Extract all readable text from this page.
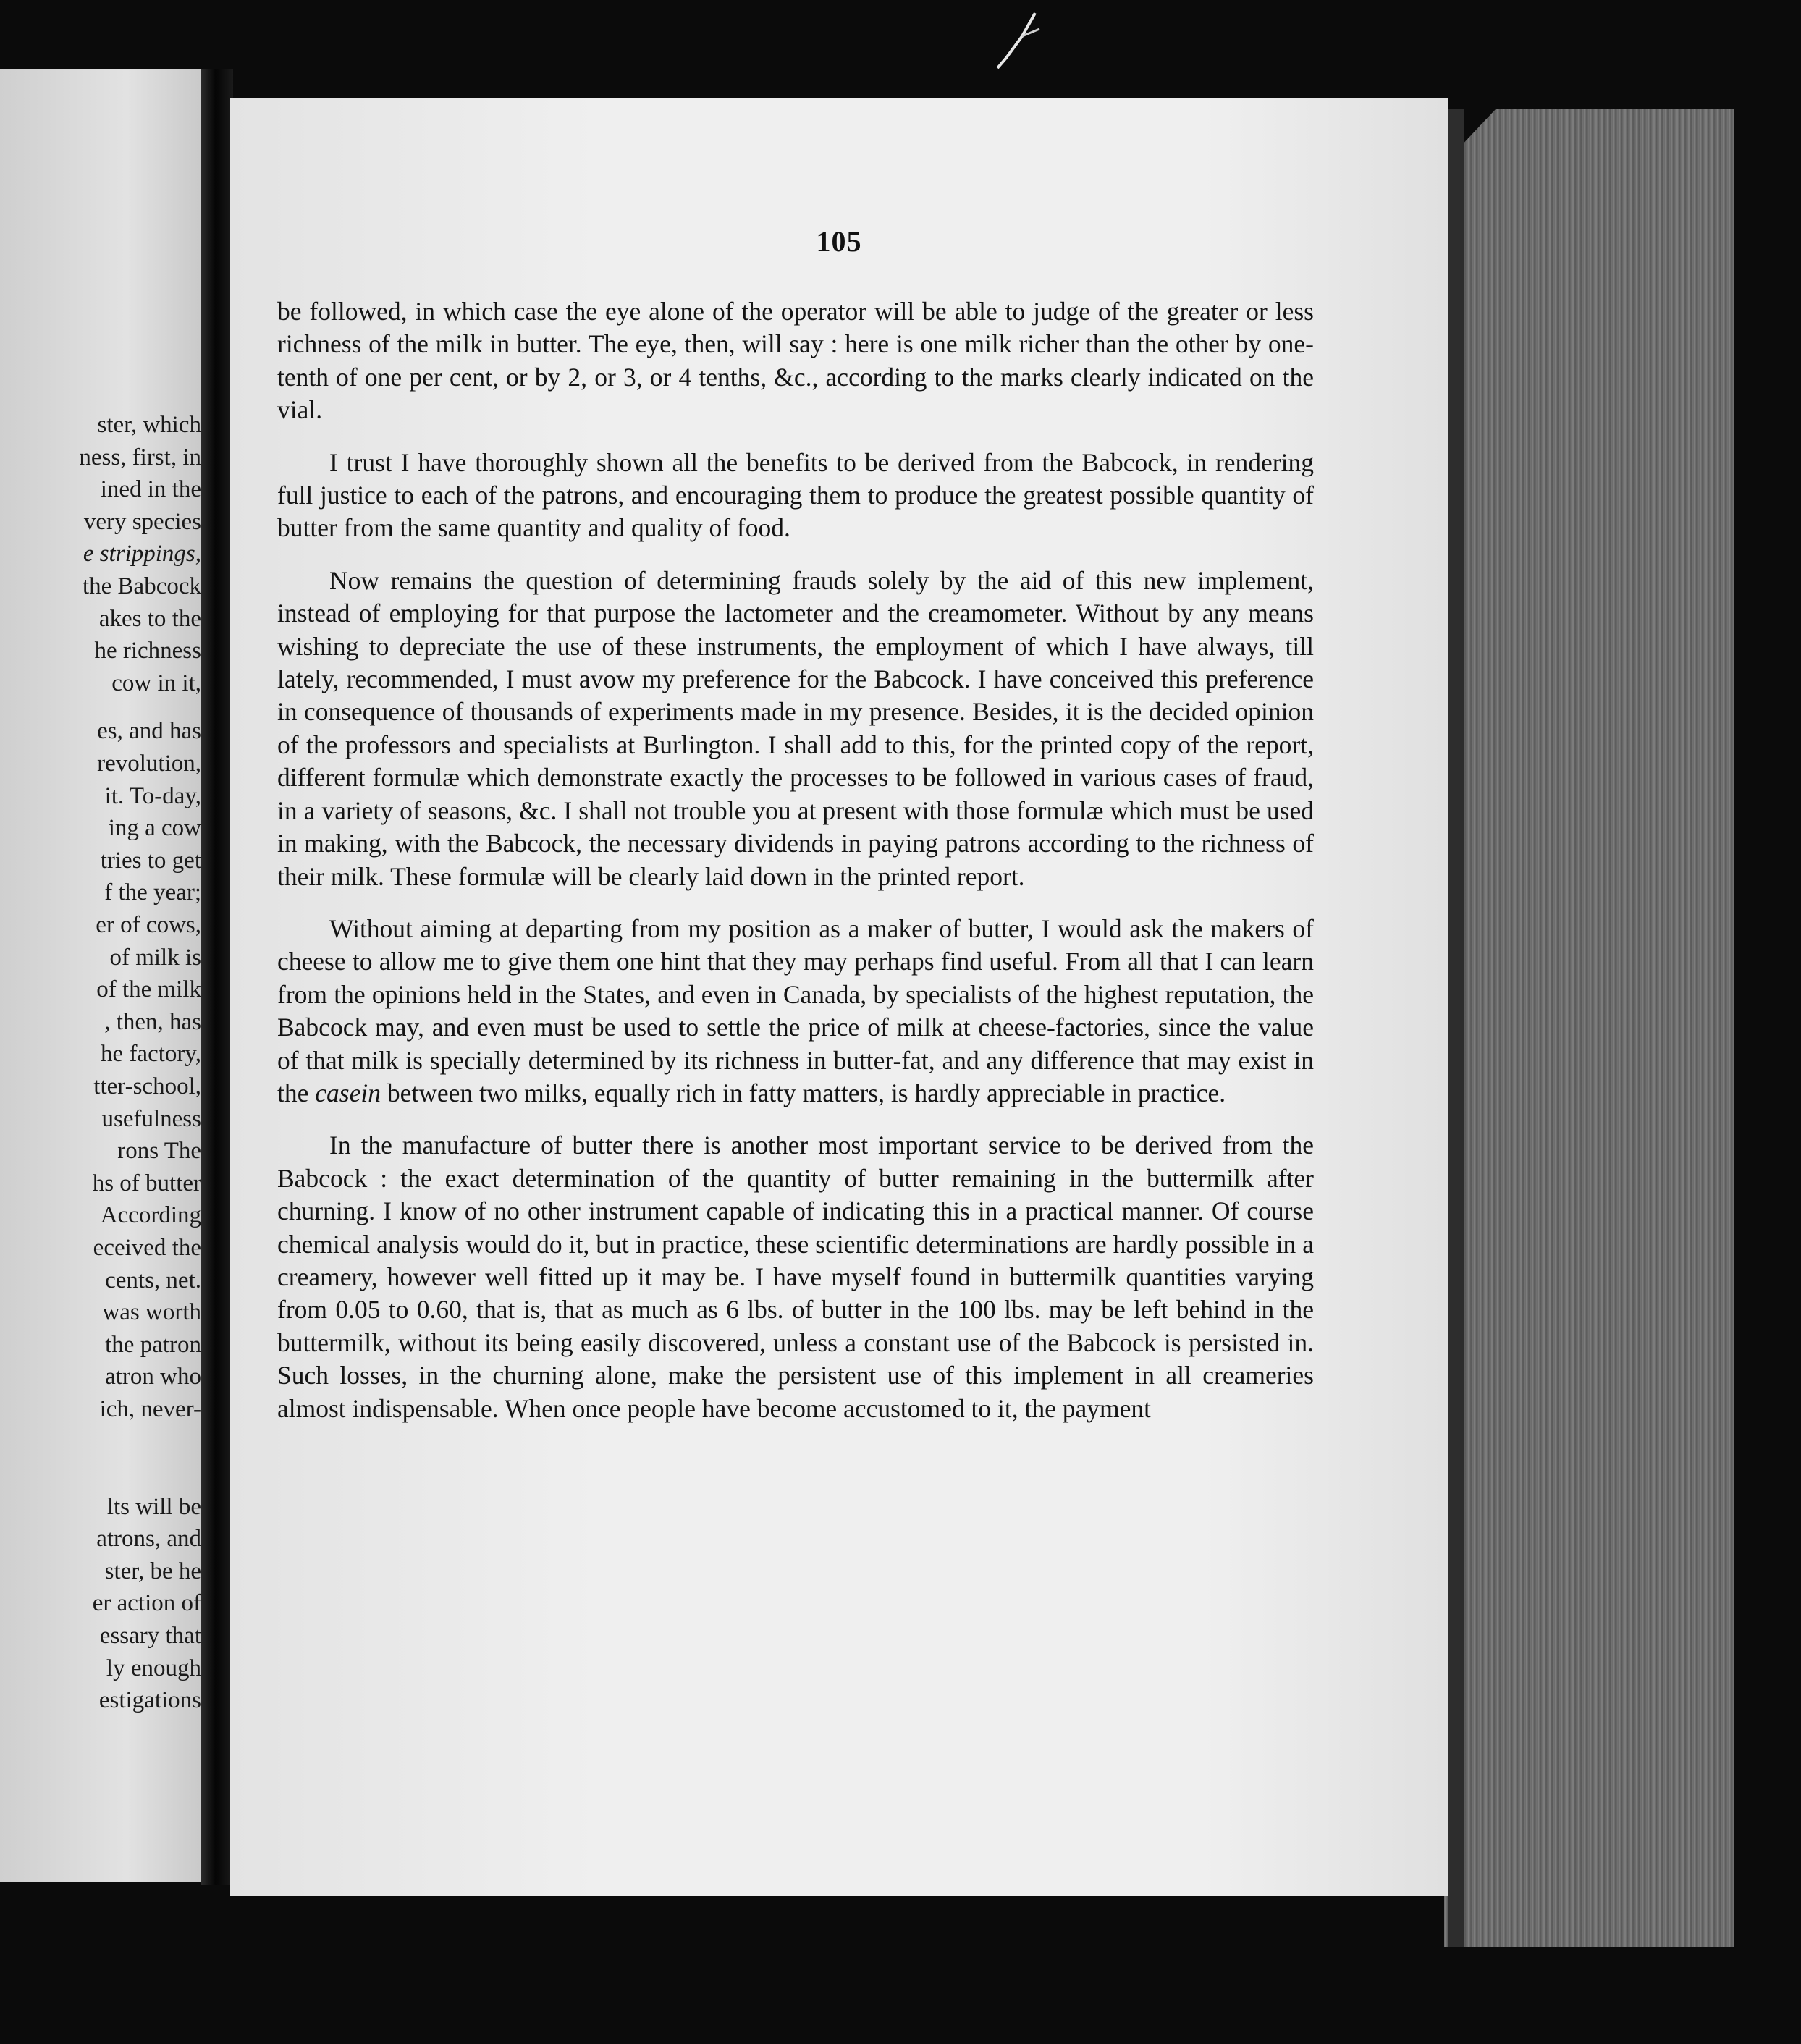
ster, which
ness, first, in
ined in the
very species
e strippings,
the Babcock
akes to the
he richness
cow in it,
es, and has
revolution,
it. To-day,
ing a cow
tries to get
f the year;
er of cows,
of milk is
of the milk
, then, has
he factory,
tter-school,
usefulness
rons The
hs of butter
According
eceived the
cents, net.
was worth
the patron
atron who
ich, never-
lts will be
atrons, and
ster, be he
er action of
essary that
ly enough
estigations
105

be followed, in which case the eye alone of the operator will be able to judge of the greater or less richness of the milk in butter. The eye, then, will say : here is one milk richer than the other by one-tenth of one per cent, or by 2, or 3, or 4 tenths, &c., according to the marks clearly indicated on the vial.

I trust I have thoroughly shown all the benefits to be derived from the Babcock, in rendering full justice to each of the patrons, and encouraging them to produce the greatest possible quantity of butter from the same quantity and quality of food.

Now remains the question of determining frauds solely by the aid of this new implement, instead of employing for that purpose the lactometer and the creamometer. Without by any means wishing to depreciate the use of these instruments, the employment of which I have always, till lately, recommended, I must avow my preference for the Babcock. I have conceived this preference in consequence of thousands of experiments made in my presence. Besides, it is the decided opinion of the professors and specialists at Burlington. I shall add to this, for the printed copy of the report, different formulæ which demonstrate exactly the processes to be followed in various cases of fraud, in a variety of seasons, &c. I shall not trouble you at present with those formulæ which must be used in making, with the Babcock, the necessary dividends in paying patrons according to the richness of their milk. These formulæ will be clearly laid down in the printed report.

Without aiming at departing from my position as a maker of butter, I would ask the makers of cheese to allow me to give them one hint that they may perhaps find useful. From all that I can learn from the opinions held in the States, and even in Canada, by specialists of the highest reputation, the Babcock may, and even must be used to settle the price of milk at cheese-factories, since the value of that milk is specially determined by its richness in butter-fat, and any difference that may exist in the casein between two milks, equally rich in fatty matters, is hardly appreciable in practice.

In the manufacture of butter there is another most important service to be derived from the Babcock : the exact determination of the quantity of butter remaining in the buttermilk after churning. I know of no other instrument capable of indicating this in a practical manner. Of course chemical analysis would do it, but in practice, these scientific determinations are hardly possible in a creamery, however well fitted up it may be. I have myself found in buttermilk quantities varying from 0.05 to 0.60, that is, that as much as 6 lbs. of butter in the 100 lbs. may be left behind in the buttermilk, without its being easily discovered, unless a constant use of the Babcock is persisted in. Such losses, in the churning alone, make the persistent use of this implement in all creameries almost indispensable. When once people have become accustomed to it, the payment
